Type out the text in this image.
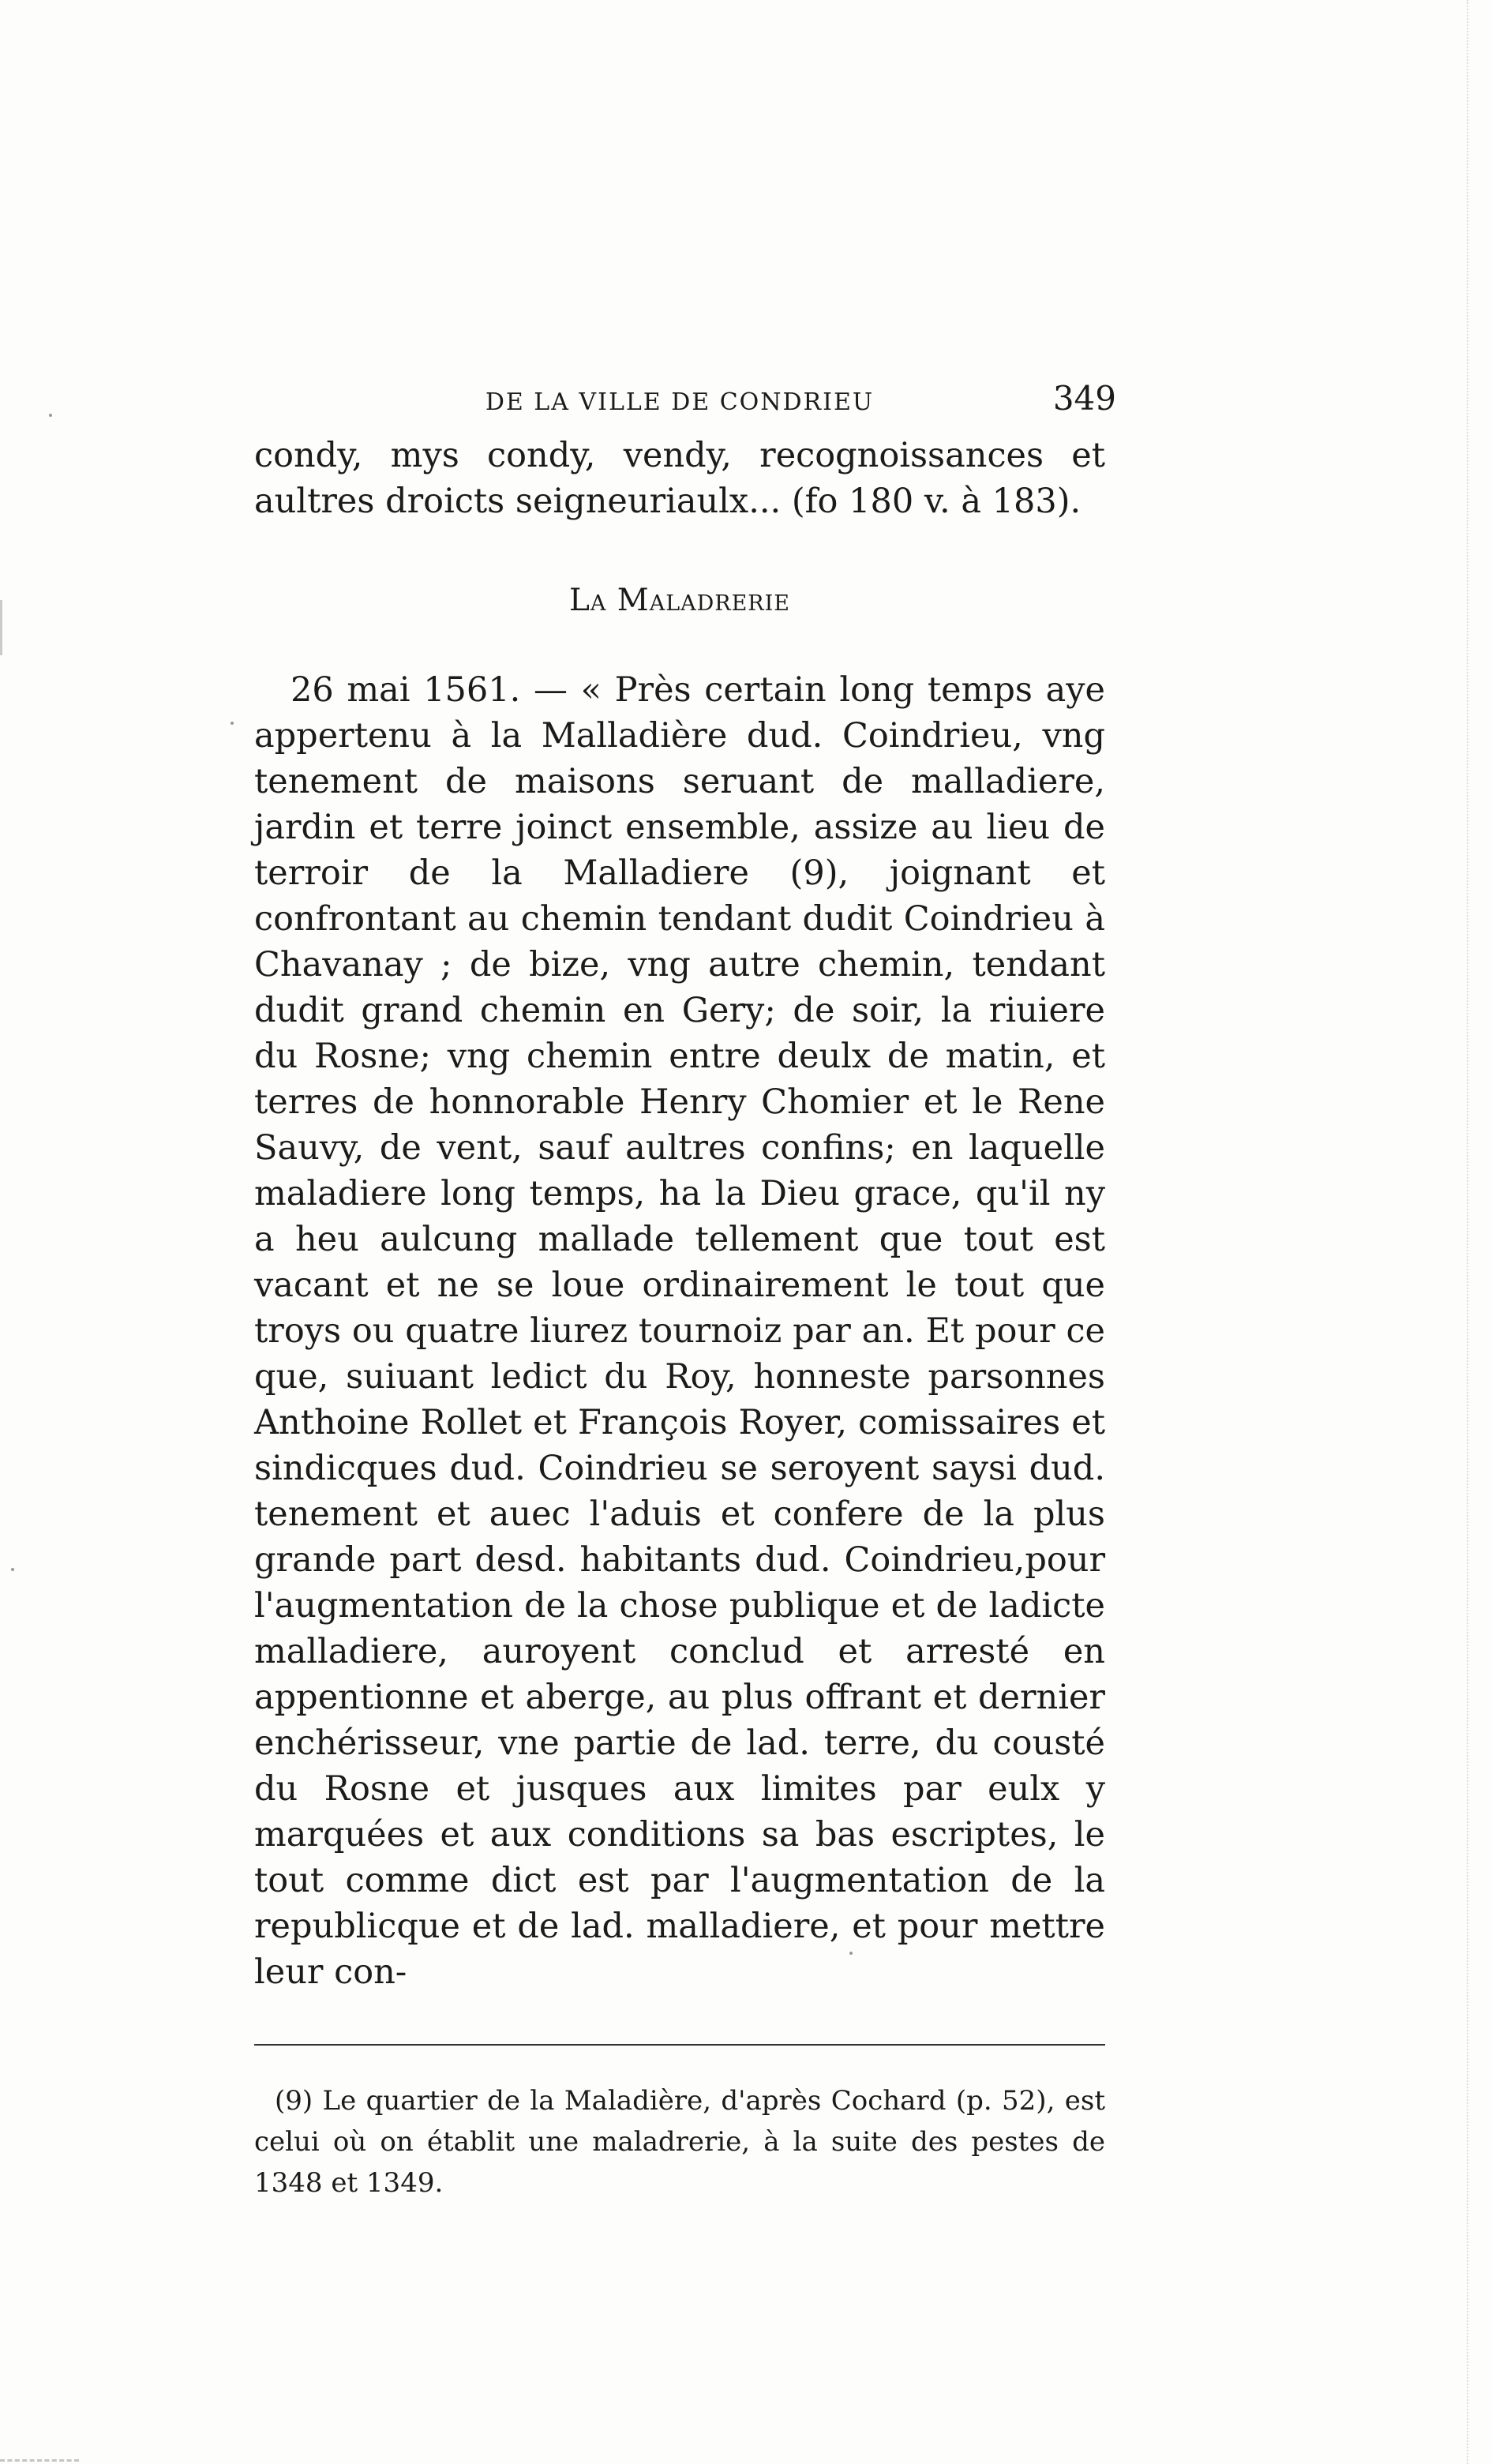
DE LA VILLE DE CONDRIEU	349

condy, mys condy, vendy, recognoissances et aultres droicts seigneuriaulx... (fo 180 v. à 183).

La Maladrerie

26 mai 1561. — « Près certain long temps aye appertenu à la Malladière dud. Coindrieu, vng tenement de maisons seruant de malladiere, jardin et terre joinct ensemble, assize au lieu de terroir de la Malladiere (9), joignant et confrontant au chemin tendant dudit Coindrieu à Chavanay ; de bize, vng autre chemin, tendant dudit grand chemin en Gery; de soir, la riuiere du Rosne; vng chemin entre deulx de matin, et terres de honnorable Henry Chomier et le Rene Sauvy, de vent, sauf aultres confins; en laquelle maladiere long temps, ha la Dieu grace, qu'il ny a heu aulcung mallade tellement que tout est vacant et ne se loue ordinairement le tout que troys ou quatre liurez tournoiz par an. Et pour ce que, suiuant ledict du Roy, honneste parsonnes Anthoine Rollet et François Royer, comissaires et sindicques dud. Coindrieu se seroyent saysi dud. tenement et auec l'aduis et confere de la plus grande part desd. habitants dud. Coindrieu,pour l'augmentation de la chose publique et de ladicte malladiere, auroyent conclud et arresté en appentionne et aberge, au plus offrant et dernier enchérisseur, vne partie de lad. terre, du cousté du Rosne et jusques aux limites par eulx y marquées et aux conditions sa bas escriptes, le tout comme dict est par l'augmentation de la republicque et de lad. malladiere, et pour mettre leur con-

(9) Le quartier de la Maladière, d'après Cochard (p. 52), est celui où on établit une maladrerie, à la suite des pestes de 1348 et 1349.
